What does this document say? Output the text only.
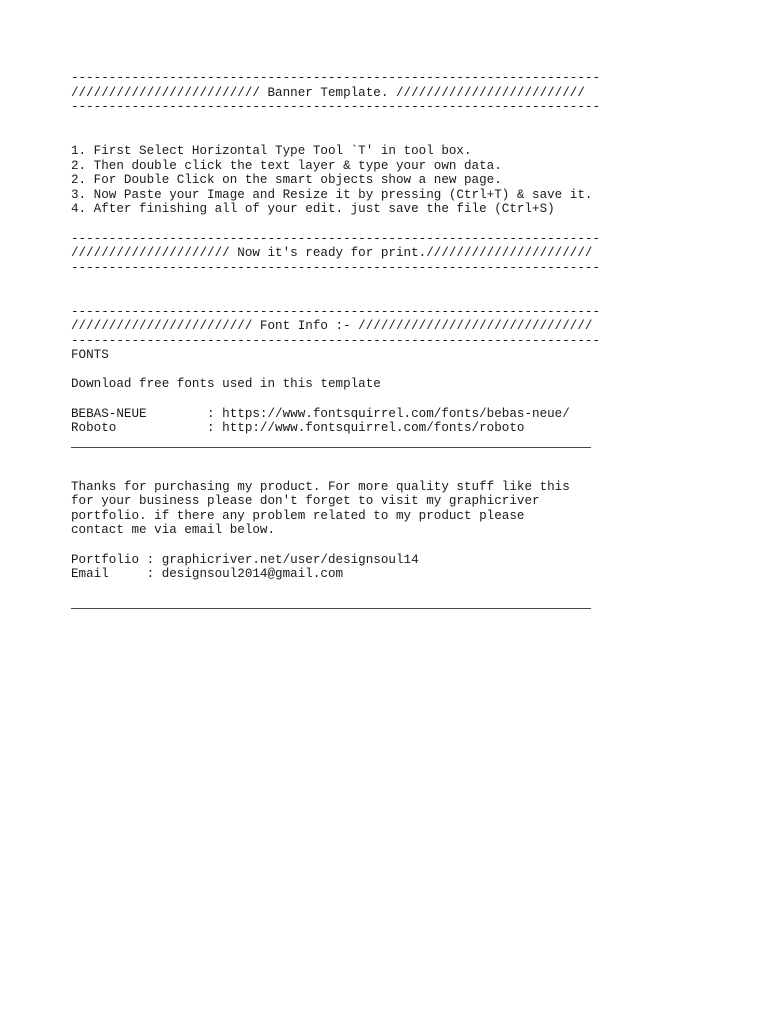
----------------------------------------------------------------------
///////////////////////// Banner Template. /////////////////////////
----------------------------------------------------------------------
1. First Select Horizontal Type Tool `T' in tool box.
2. Then double click the text layer & type your own data.
2. For Double Click on the smart objects show a new page.
3. Now Paste your Image and Resize it by pressing (Ctrl+T) & save it.
4. After finishing all of your edit. just save the file (Ctrl+S)
----------------------------------------------------------------------
///////////////////// Now it's ready for print.//////////////////////
----------------------------------------------------------------------
----------------------------------------------------------------------
//////////////////////// Font Info :- ///////////////////////////////
----------------------------------------------------------------------
FONTS
Download free fonts used in this template
BEBAS-NEUE        : https://www.fontsquirrel.com/fonts/bebas-neue/
Roboto            : http://www.fontsquirrel.com/fonts/roboto
Thanks for purchasing my product. For more quality stuff like this
for your business please don't forget to visit my graphicriver
portfolio. if there any problem related to my product please
contact me via email below.
Portfolio : graphicriver.net/user/designsoul14
Email     : designsoul2014@gmail.com
